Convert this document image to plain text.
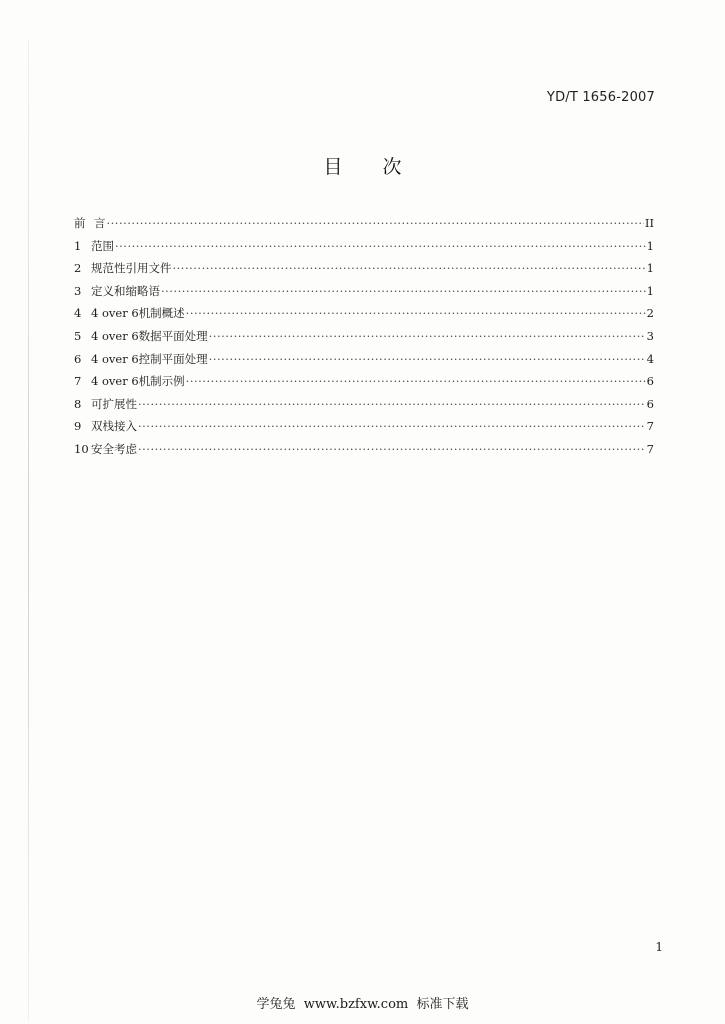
YD/T 1656-2007
目次
前 言 ·····	II
1 范围 ·····	1
2 规范性引用文件 ·····	1
3 定义和缩略语 ·····	1
4 4 over 6机制概述 ·····	2
5 4 over 6数据平面处理 ·····	3
6 4 over 6控制平面处理 ·····	4
7 4 over 6机制示例 ·····	6
8 可扩展性 ·····	6
9 双栈接入 ·····	7
10 安全考虑 ·····	7
1
学兔兔  www.bzfxw.com  标准下载
